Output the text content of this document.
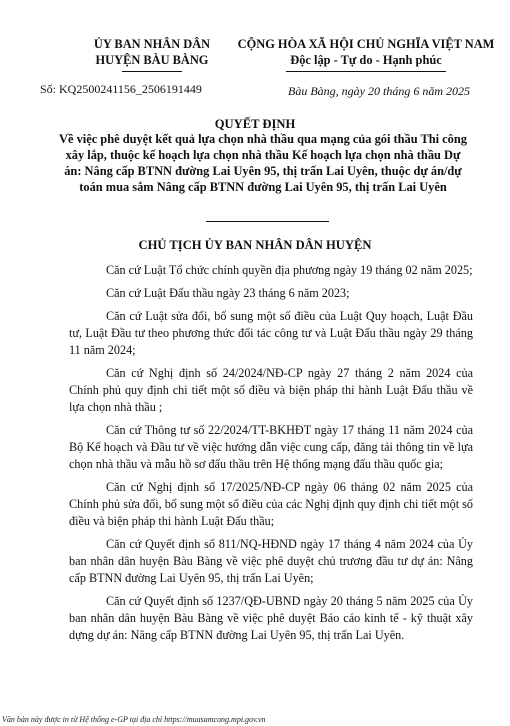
ỦY BAN NHÂN DÂN
HUYỆN BÀU BÀNG
CỘNG HÒA XÃ HỘI CHỦ NGHĨA VIỆT NAM
Độc lập - Tự do - Hạnh phúc
Số: KQ2500241156_2506191449	Bàu Bàng, ngày 20 tháng 6 năm 2025
QUYẾT ĐỊNH
Về việc phê duyệt kết quả lựa chọn nhà thầu qua mạng của gói thầu Thi công xây lắp, thuộc kế hoạch lựa chọn nhà thầu Kế hoạch lựa chọn nhà thầu Dự án: Nâng cấp BTNN đường Lai Uyên 95, thị trấn Lai Uyên, thuộc dự án/dự toán mua sắm Nâng cấp BTNN đường Lai Uyên 95, thị trấn Lai Uyên
CHỦ TỊCH ỦY BAN NHÂN DÂN HUYỆN

Căn cứ Luật Tổ chức chính quyền địa phương ngày 19 tháng 02 năm 2025;

Căn cứ Luật Đấu thầu ngày 23 tháng 6 năm 2023;

Căn cứ Luật sửa đổi, bổ sung một số điều của Luật Quy hoạch, Luật Đầu tư, Luật Đầu tư theo phương thức đối tác công tư và Luật Đấu thầu ngày 29 tháng 11 năm 2024;

Căn cứ Nghị định số 24/2024/NĐ-CP ngày 27 tháng 2 năm 2024 của Chính phủ quy định chi tiết một số điều và biện pháp thi hành Luật Đấu thầu về lựa chọn nhà thầu ;

Căn cứ Thông tư số 22/2024/TT-BKHĐT ngày 17 tháng 11 năm 2024 của Bộ Kế hoạch và Đầu tư về việc hướng dẫn việc cung cấp, đăng tải thông tin về lựa chọn nhà thầu và mẫu hồ sơ đấu thầu trên Hệ thống mạng đấu thầu quốc gia;

Căn cứ Nghị định số 17/2025/NĐ-CP ngày 06 tháng 02 năm 2025 của Chính phủ sửa đổi, bổ sung một số điều của các Nghị định quy định chi tiết một số điều và biện pháp thi hành Luật Đấu thầu;

Căn cứ Quyết định số 811/NQ-HĐND ngày 17 tháng 4 năm 2024 của Ủy ban nhân dân huyện Bàu Bàng về việc phê duyệt chủ trương đầu tư dự án: Nâng cấp BTNN đường Lai Uyên 95, thị trấn Lai Uyên;

Căn cứ Quyết định số 1237/QĐ-UBND ngày 20 tháng 5 năm 2025 của Ủy ban nhân dân huyện Bàu Bàng về việc phê duyệt Báo cáo kinh tế - kỹ thuật xây dựng dự án: Nâng cấp BTNN đường Lai Uyên 95, thị trấn Lai Uyên.

Văn bản này được in từ Hệ thống e-GP tại địa chỉ https://muasamcong.mpi.gov.vn
